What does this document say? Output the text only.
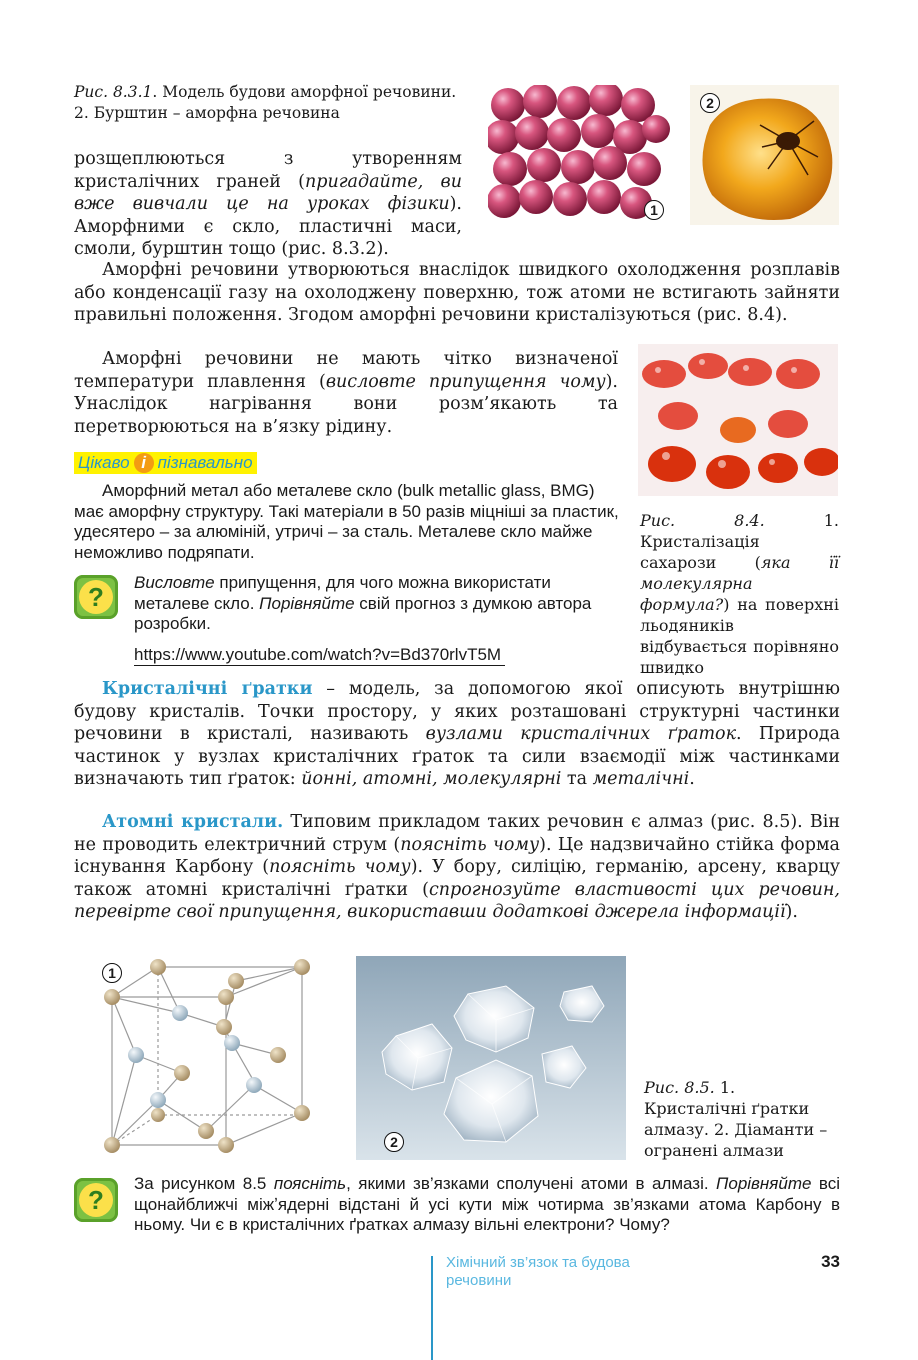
Рис. 8.3.1. Модель будови аморфної речовини. 2. Бурштин – аморфна речовина
1
2

розщеплюються з утворенням кристалічних граней (пригадайте, ви вже вивчали це на уроках фізики). Аморфними є скло, пластичні маси, смоли, бурштин тощо (рис. 8.3.2).

Аморфні речовини утворюються внаслідок швидкого охолодження розплавів або конденсації газу на охолоджену поверхню, тож атоми не встигають зайняти правильні положення. Згодом аморфні речовини кристалізуються (рис. 8.4).

Аморфні речовини не мають чітко визначеної температури плавлення (висловте припущення чому). Унаслідок нагрівання вони розм’якають та перетворюються на в’язку рідину.

Рис. 8.4. 1. Кристалізація сахарози (яка її молекулярна формула?) на поверхні льодяників відбувається порівняно швидко
Цікаво і пізнавально

Аморфний метал або металеве скло (bulk metallic glass, BMG) має аморфну структуру. Такі матеріали в 50 разів міцніші за пластик, удесятеро – за алюміній, утричі – за сталь. Металеве скло майже неможливо подряпати.

?	Висловте припущення, для чого можна використати металеве скло. Порівняйте свій прогноз з думкою автора розробки.

https://www.youtube.com/watch?v=Bd370rlvT5M

Кристалічні ґратки – модель, за допомогою якої описують внутрішню будову кристалів. Точки простору, у яких розташовані структурні частинки речовини в кристалі, називають вузлами кристалічних ґраток. Природа частинок у вузлах кристалічних ґраток та сили взаємодії між частинками визначають тип ґраток: йонні, атомні, молекулярні та металічні.

Атомні кристали. Типовим прикладом таких речовин є алмаз (рис. 8.5). Він не проводить електричний струм (поясніть чому). Це надзвичайно стійка форма існування Карбону (поясніть чому). У бору, силіцію, германію, арсену, кварцу також атомні кристалічні ґратки (спрогнозуйте властивості цих речовин, перевірте свої припущення, використавши додаткові джерела інформації).

1
2
Рис. 8.5. 1. Кристалічні ґратки алмазу. 2. Діаманти – огранені алмази
?

За рисунком 8.5 поясніть, якими зв’язками сполучені атоми в алмазі. Порівняйте всі щонайближчі міжʼядерні відстані й усі кути між чотирма зв’язками атома Карбону в ньому. Чи є в кристалічних ґратках алмазу вільні електрони? Чому?

Хімічний зв’язок та будова речовини
33
